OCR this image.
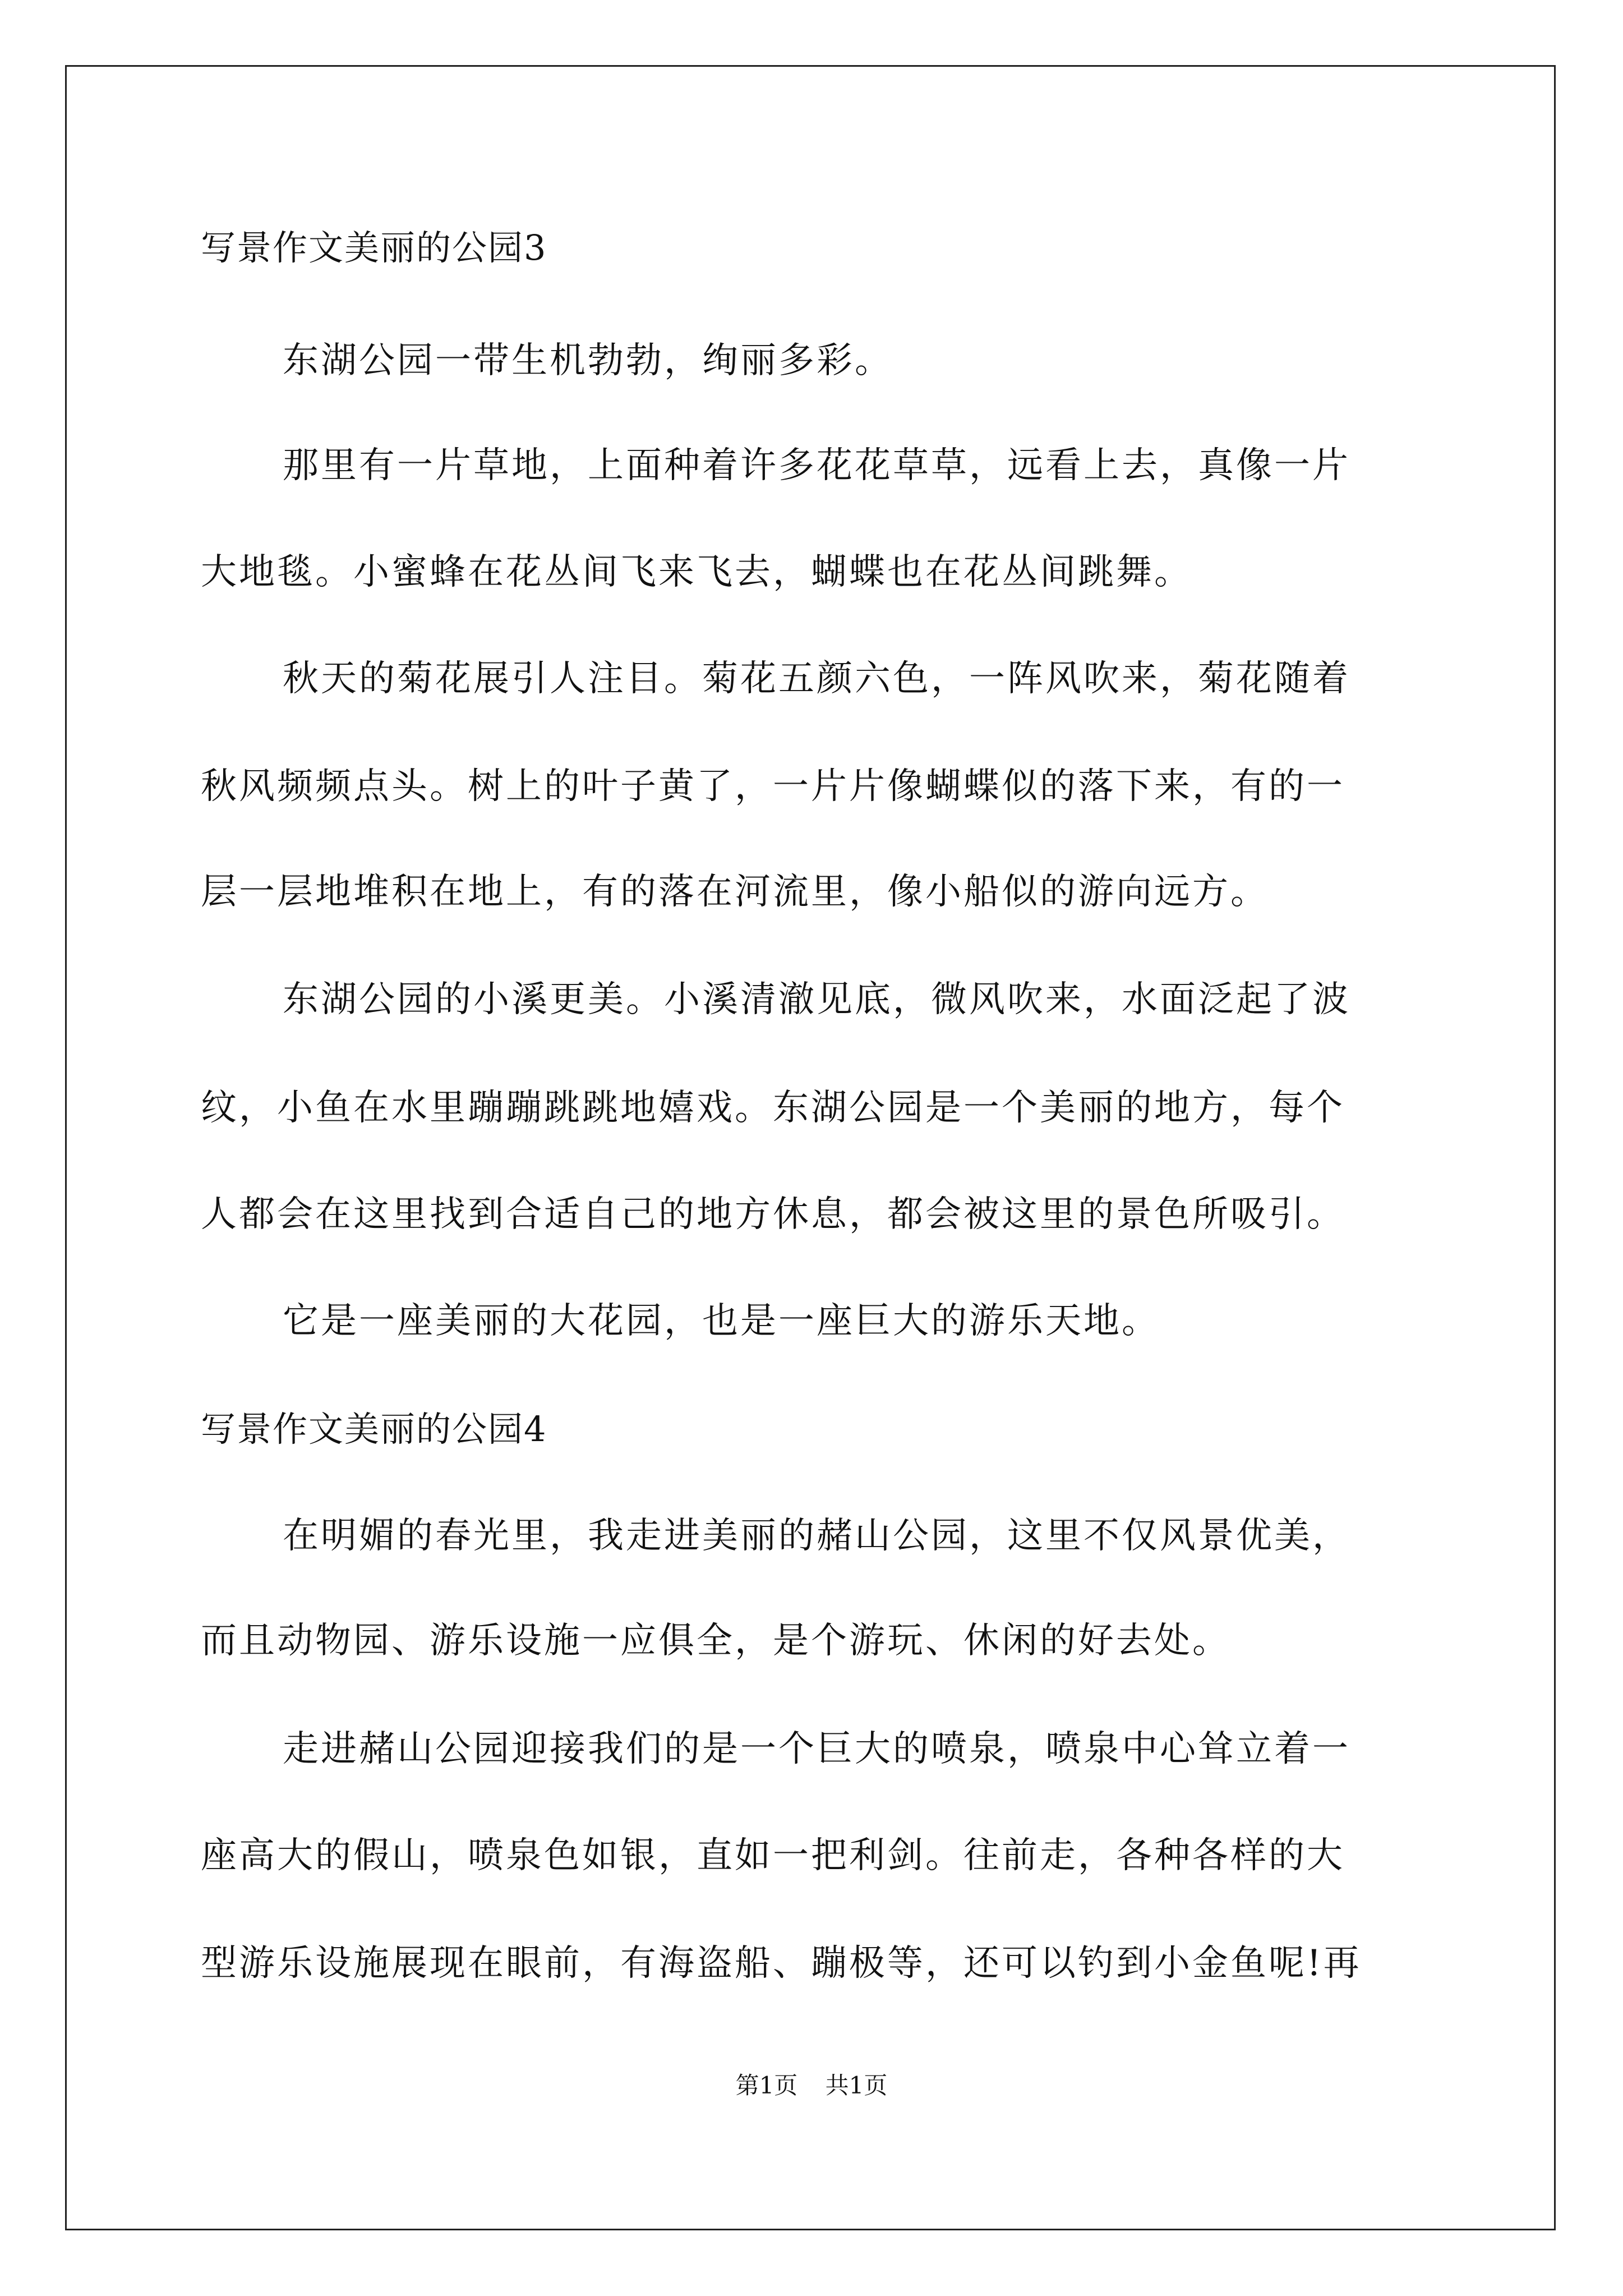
写景作文美丽的公园3
东湖公园一带生机勃勃，绚丽多彩。
那里有一片草地，上面种着许多花花草草，远看上去，真像一片
大地毯。小蜜蜂在花丛间飞来飞去，蝴蝶也在花丛间跳舞。
秋天的菊花展引人注目。菊花五颜六色，一阵风吹来，菊花随着
秋风频频点头。树上的叶子黄了，一片片像蝴蝶似的落下来，有的一
层一层地堆积在地上，有的落在河流里，像小船似的游向远方。
东湖公园的小溪更美。小溪清澈见底，微风吹来，水面泛起了波
纹，小鱼在水里蹦蹦跳跳地嬉戏。东湖公园是一个美丽的地方，每个
人都会在这里找到合适自己的地方休息，都会被这里的景色所吸引。
它是一座美丽的大花园，也是一座巨大的游乐天地。
写景作文美丽的公园4
在明媚的春光里，我走进美丽的赭山公园，这里不仅风景优美，
而且动物园、游乐设施一应俱全，是个游玩、休闲的好去处。
走进赭山公园迎接我们的是一个巨大的喷泉，喷泉中心耸立着一
座高大的假山，喷泉色如银，直如一把利剑。往前走，各种各样的大
型游乐设施展现在眼前，有海盗船、蹦极等，还可以钓到小金鱼呢!再
第1页 共1页
